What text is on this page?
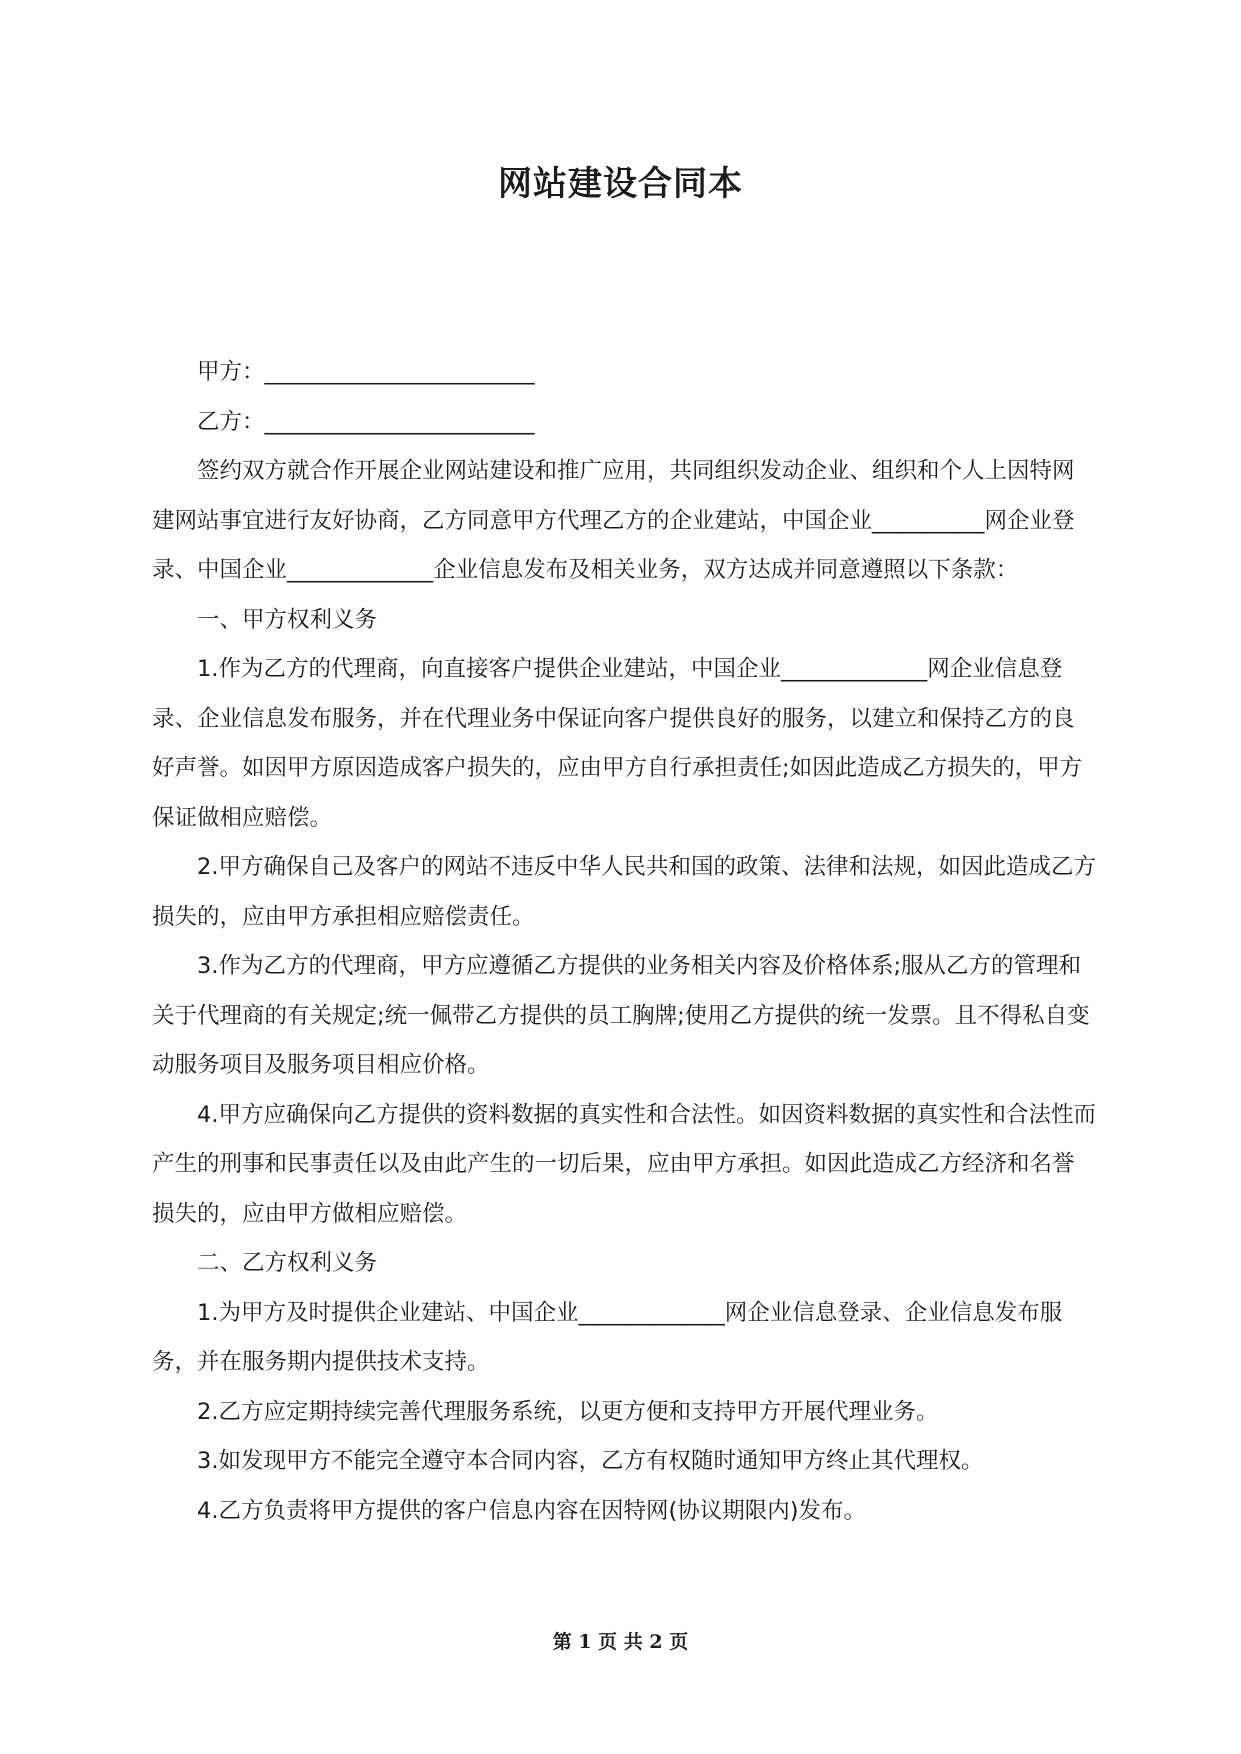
网站建设合同本

甲方：________________________

乙方：________________________

签约双方就合作开展企业网站建设和推广应用，共同组织发动企业、组织和个人上因特网建网站事宜进行友好协商，乙方同意甲方代理乙方的企业建站，中国企业__________网企业登录、中国企业_____________企业信息发布及相关业务，双方达成并同意遵照以下条款：

一、甲方权利义务

1.作为乙方的代理商，向直接客户提供企业建站，中国企业_____________网企业信息登录、企业信息发布服务，并在代理业务中保证向客户提供良好的服务，以建立和保持乙方的良好声誉。如因甲方原因造成客户损失的，应由甲方自行承担责任;如因此造成乙方损失的，甲方保证做相应赔偿。

2.甲方确保自己及客户的网站不违反中华人民共和国的政策、法律和法规，如因此造成乙方损失的，应由甲方承担相应赔偿责任。

3.作为乙方的代理商，甲方应遵循乙方提供的业务相关内容及价格体系;服从乙方的管理和关于代理商的有关规定;统一佩带乙方提供的员工胸牌;使用乙方提供的统一发票。且不得私自变动服务项目及服务项目相应价格。

4.甲方应确保向乙方提供的资料数据的真实性和合法性。如因资料数据的真实性和合法性而产生的刑事和民事责任以及由此产生的一切后果，应由甲方承担。如因此造成乙方经济和名誉损失的，应由甲方做相应赔偿。

二、乙方权利义务

1.为甲方及时提供企业建站、中国企业_____________网企业信息登录、企业信息发布服务，并在服务期内提供技术支持。

2.乙方应定期持续完善代理服务系统，以更方便和支持甲方开展代理业务。

3.如发现甲方不能完全遵守本合同内容，乙方有权随时通知甲方终止其代理权。

4.乙方负责将甲方提供的客户信息内容在因特网(协议期限内)发布。

第 1 页 共 2 页
